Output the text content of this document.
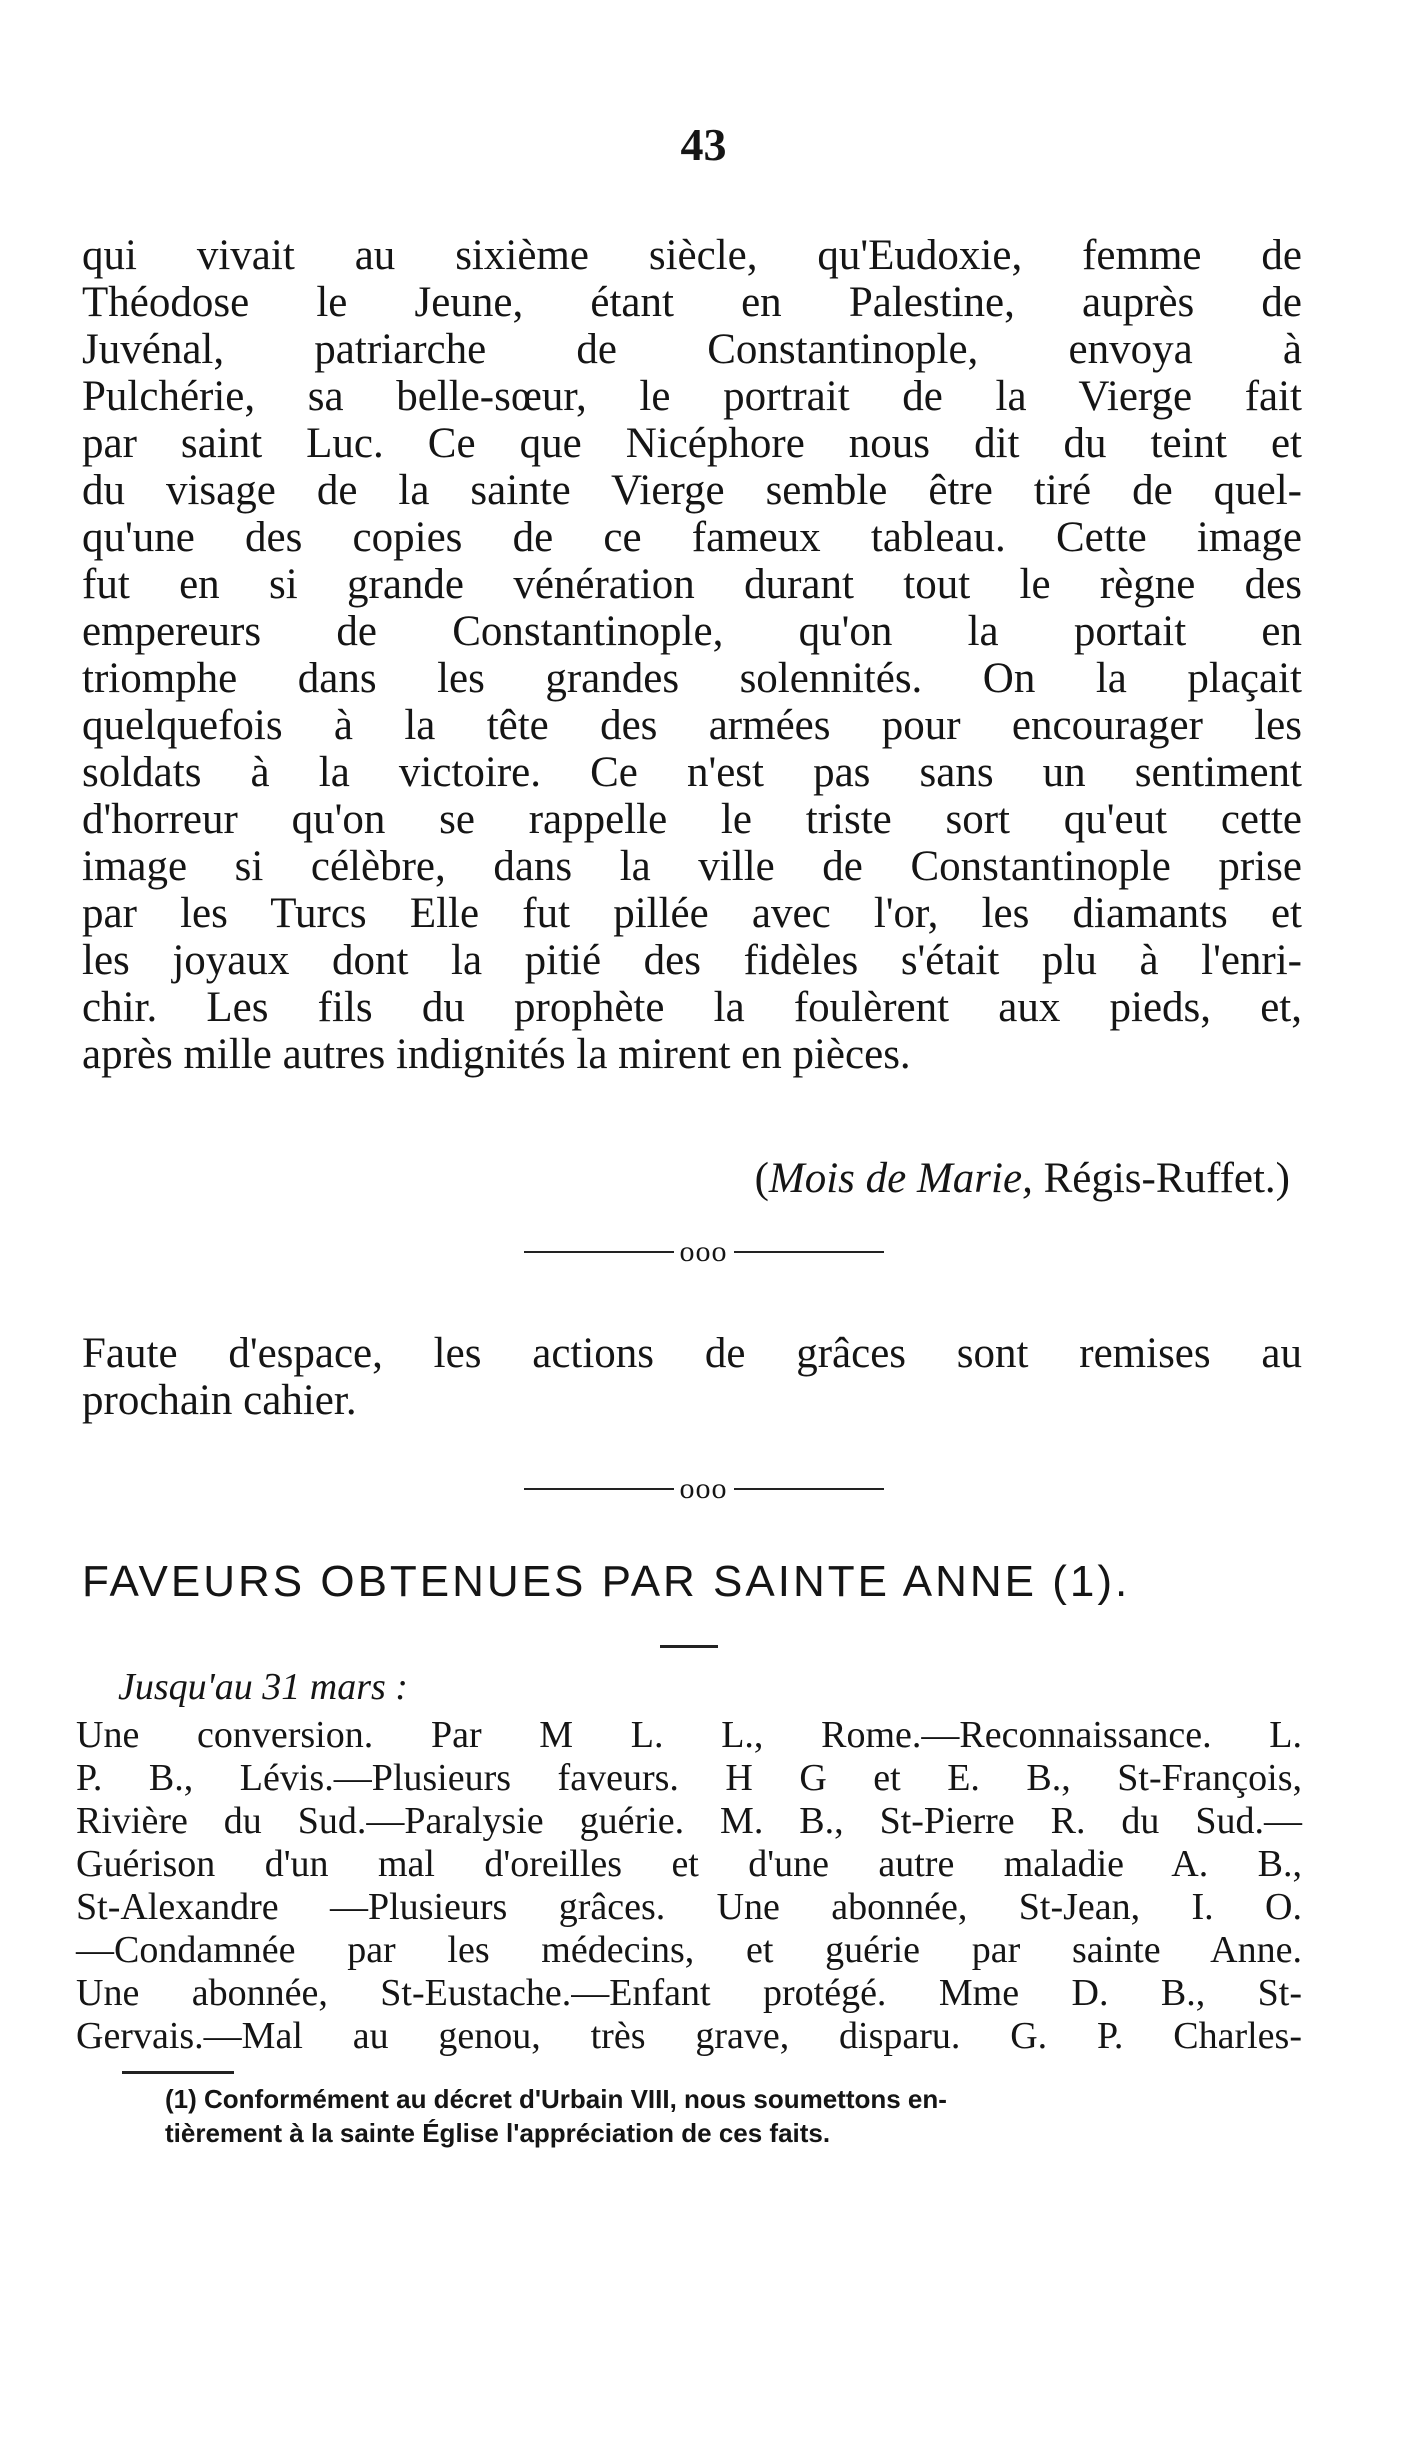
43
qui vivait au sixième siècle, qu'Eudoxie, femme de
Théodose le Jeune, étant en Palestine, auprès de
Juvénal, patriarche de Constantinople, envoya à
Pulchérie, sa belle-sœur, le portrait de la Vierge fait
par saint Luc. Ce que Nicéphore nous dit du teint et
du visage de la sainte Vierge semble être tiré de quel-
qu'une des copies de ce fameux tableau. Cette image
fut en si grande vénération durant tout le règne des
empereurs de Constantinople, qu'on la portait en
triomphe dans les grandes solennités. On la plaçait
quelquefois à la tête des armées pour encourager les
soldats à la victoire. Ce n'est pas sans un sentiment
d'horreur qu'on se rappelle le triste sort qu'eut cette
image si célèbre, dans la ville de Constantinople prise
par les Turcs Elle fut pillée avec l'or, les diamants et
les joyaux dont la pitié des fidèles s'était plu à l'enri-
chir. Les fils du prophète la foulèrent aux pieds, et,
après mille autres indignités la mirent en pièces.
(Mois de Marie, Régis-Ruffet.)
ooo
Faute d'espace, les actions de grâces sont remises au
prochain cahier.
ooo
FAVEURS OBTENUES PAR SAINTE ANNE (1).
Jusqu'au 31 mars :
Une conversion. Par M L. L., Rome.—Reconnaissance. L.
P. B., Lévis.—Plusieurs faveurs. H G et E. B., St-François,
Rivière du Sud.—Paralysie guérie. M. B., St-Pierre R. du Sud.—
Guérison d'un mal d'oreilles et d'une autre maladie A. B.,
St-Alexandre —Plusieurs grâces. Une abonnée, St-Jean, I. O.
—Condamnée par les médecins, et guérie par sainte Anne.
Une abonnée, St-Eustache.—Enfant protégé. Mme D. B., St-
Gervais.—Mal au genou, très grave, disparu. G. P. Charles-
(1) Conformément au décret d'Urbain VIII, nous soumettons en-
tièrement à la sainte Église l'appréciation de ces faits.
